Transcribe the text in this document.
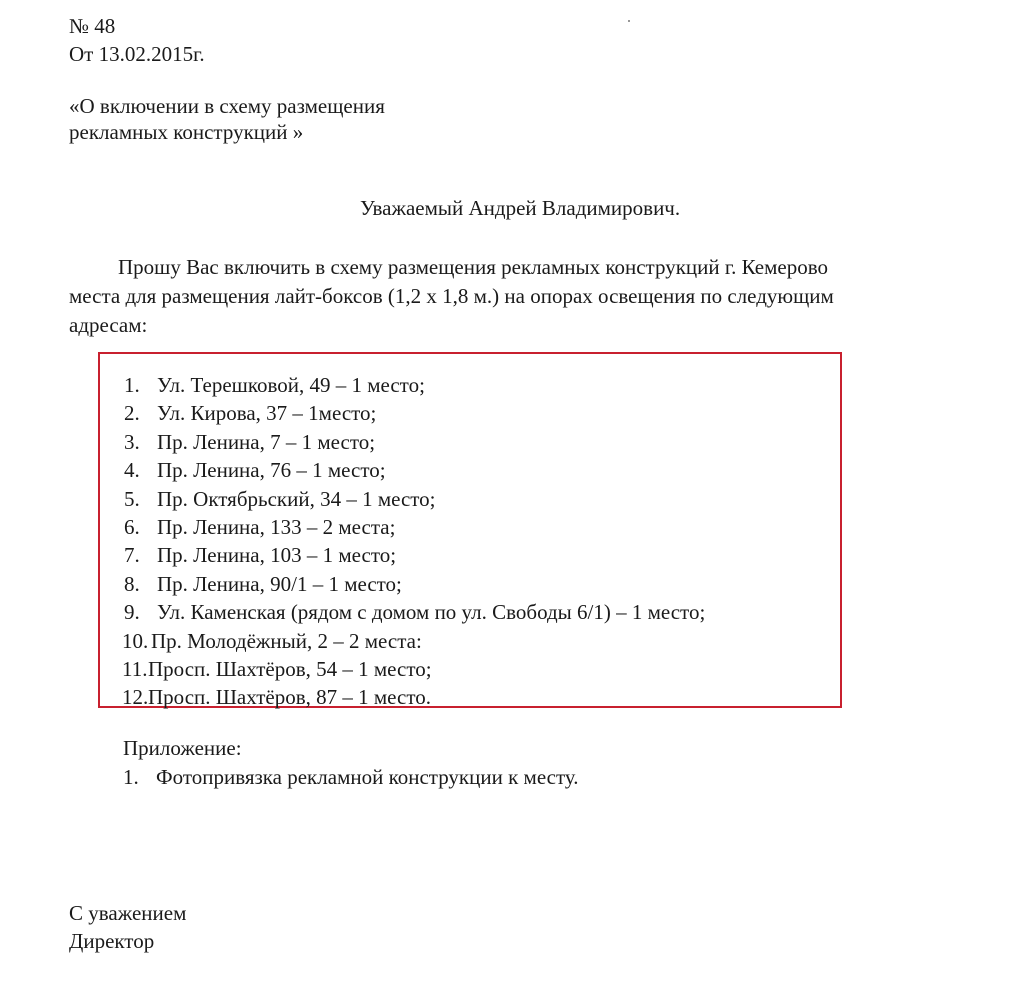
№ 48
От 13.02.2015г.
«О включении в схему размещения
рекламных конструкций »
Уважаемый Андрей Владимирович.
Прошу Вас включить в схему размещения рекламных конструкций г. Кемерово
места для размещения лайт-боксов (1,2 х 1,8 м.) на опорах освещения по следующим
адресам:
1. Ул. Терешковой, 49 – 1 место;
2. Ул. Кирова, 37 – 1место;
3. Пр. Ленина, 7 – 1 место;
4. Пр. Ленина, 76 – 1 место;
5. Пр. Октябрьский, 34 – 1 место;
6. Пр. Ленина, 133 – 2 места;
7. Пр. Ленина, 103 – 1 место;
8. Пр. Ленина, 90/1 – 1 место;
9. Ул. Каменская (рядом с домом по ул. Свободы 6/1) – 1 место;
10. Пр. Молодёжный, 2 – 2 места:
11. Просп. Шахтёров, 54 – 1 место;
12. Просп. Шахтёров, 87 – 1 место.
Приложение:
1. Фотопривязка рекламной конструкции к месту.
С уважением
Директор
